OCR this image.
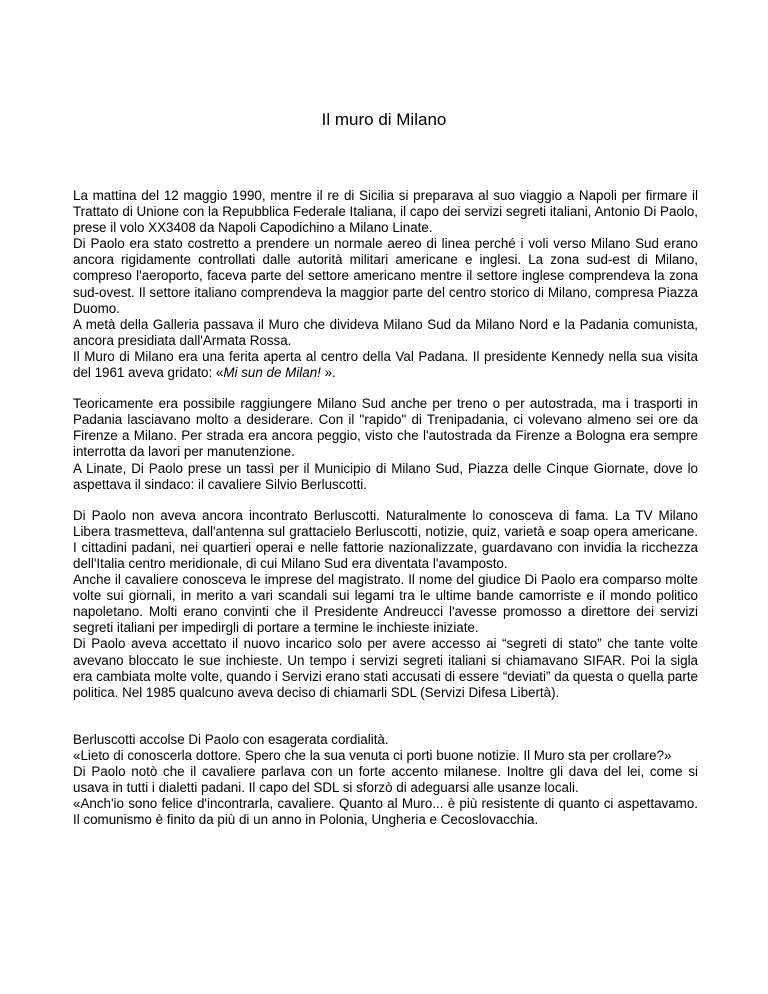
Il muro di Milano

La mattina del 12 maggio 1990, mentre il re di Sicilia si preparava al suo viaggio a Napoli per firmare il Trattato di Unione con la Repubblica Federale Italiana, il capo dei servizi segreti italiani, Antonio Di Paolo, prese il volo XX3408 da Napoli Capodichino a Milano Linate.
Di Paolo era stato costretto a prendere un normale aereo di linea perché i voli verso Milano Sud erano ancora rigidamente controllati dalle autorità militari americane e inglesi. La zona sud-est di Milano, compreso l'aeroporto, faceva parte del settore americano mentre il settore inglese comprendeva la zona sud-ovest. Il settore italiano comprendeva la maggior parte del centro storico di Milano, compresa Piazza Duomo.
A metà della Galleria passava il Muro che divideva Milano Sud da Milano Nord e la Padania comunista, ancora presidiata dall'Armata Rossa.
Il Muro di Milano era una ferita aperta al centro della Val Padana. Il presidente Kennedy nella sua visita del 1961 aveva gridato: «Mi sun de Milan! ».

Teoricamente era possibile raggiungere Milano Sud anche per treno o per autostrada, ma i trasporti in Padania lasciavano molto a desiderare. Con il "rapido" di Trenipadania, ci volevano almeno sei ore da Firenze a Milano. Per strada era ancora peggio, visto che l'autostrada da Firenze a Bologna era sempre interrotta da lavori per manutenzione.
A Linate, Di Paolo prese un tassì per il Municipio di Milano Sud, Piazza delle Cinque Giornate, dove lo aspettava il sindaco: il cavaliere Silvio Berluscotti.

Di Paolo non aveva ancora incontrato Berluscotti. Naturalmente lo conosceva di fama. La TV Milano Libera trasmetteva, dall'antenna sul grattacielo Berluscotti, notizie, quiz, varietà e soap opera americane. I cittadini padani, nei quartieri operai e nelle fattorie nazionalizzate, guardavano con invidia la ricchezza dell'Italia centro meridionale, di cui Milano Sud era diventata l'avamposto.
Anche il cavaliere conosceva le imprese del magistrato. Il nome del giudice Di Paolo era comparso molte volte sui giornali, in merito a vari scandali sui legami tra le ultime bande camorriste e il mondo politico napoletano. Molti erano convinti che il Presidente Andreucci l'avesse promosso a direttore dei servizi segreti italiani per impedirgli di portare a termine le inchieste iniziate.
Di Paolo aveva accettato il nuovo incarico solo per avere accesso ai “segreti di stato” che tante volte avevano bloccato le sue inchieste. Un tempo i servizi segreti italiani si chiamavano SIFAR. Poi la sigla era cambiata molte volte, quando i Servizi erano stati accusati di essere “deviati” da questa o quella parte politica. Nel 1985 qualcuno aveva deciso di chiamarli SDL (Servizi Difesa Libertà).

Berluscotti accolse Di Paolo con esagerata cordialità.
«Lieto di conoscerla dottore. Spero che la sua venuta ci porti buone notizie. Il Muro sta per crollare?»
Di Paolo notò che il cavaliere parlava con un forte accento milanese. Inoltre gli dava del lei, come si usava in tutti i dialetti padani. Il capo del SDL si sforzò di adeguarsi alle usanze locali.
«Anch'io sono felice d'incontrarla, cavaliere. Quanto al Muro... è più resistente di quanto ci aspettavamo. Il comunismo è finito da più di un anno in Polonia, Ungheria e Cecoslovacchia.
